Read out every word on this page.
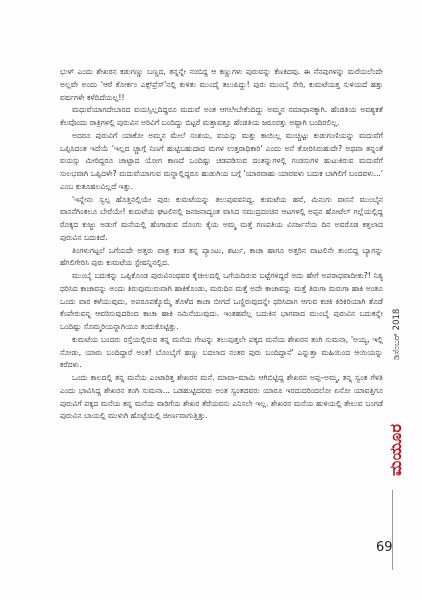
ಭುಳ್ ಎಂದು ಶೇಖರನ ಕಡುಗಣ್ಣು ಬಣ್ಣದ, ತನ್ನನ್ನೇ ನಂಬಿದ್ದ ಆ ಕಣ್ಣುಗಳು ಪುರುವನ್ನು ಕೆಣಕಿದವು. ಈ ನೆನಪುಗಳನ್ನು ಮರೆಯಲೆಂದೇ ಅಲ್ಲವೇ ಅಂದು 'ಆರೆ ಕೋರ್ಕಂ ಎಕ್ಸ್‌ಪ್ರೆಸ್'ನಲ್ಲಿ ಕುಳಿತು ಮುಂದೈ ತಲುಪಿದ್ದು! ಪುರು ಮುಂಬೈ ಸೇರಿ, ಕುಮಟೆಯತ್ತ ಸುಳಿಯದೆ ಹತ್ತು ವರ್ಷಗಳೇ ಕಳೆದಿದೆಯಲ್ಲ!!

ಮಧುವೆಯಾಗದೇಬಾರದ ವಯಸ್ಸಿಲ್ಲದಿದ್ದರೂ ಮದುವೆ ಅಂತ ಆಗಲೇಬೇಕೆಂದಿದ್ದು ಅಮ್ಮನ ಸಮಾಧಾನಕ್ಕಾಗಿ. ಹೆಂಡತಿಯ ಅವಶ್ಯಕತೆ ಕೆಲವೊಂದು ರಾತ್ರಿಗಳಲ್ಲಿ ಪುರುವಿನ ಅರಿವಿಗೆ ಬಂದಿದ್ದು ಬಿಟ್ಟರೆ ಮತ್ತಾವತ್ತೂ ಹೆಂಡತಿಯ ಜರೂರತ್ತು ಅಷ್ಟಾಗಿ ಬಂದಿರಲಿಲ್ಲ.

ಅದರೂ ಪುರುವಿಗೆ ಯಾಕೋ ಅಮ್ಮನ ಮೇಲೆ ಸಂಶಯ, ವಯಸ್ಸು ಮತ್ತು ಕಾಯಿಲ್ಲ ಮುಚ್ಚಿಟ್ಟು ಕುಡುಗುಣಿಯನ್ನು ಮದುವೆಗೆ ಒಪ್ಪಿಸಿದಂತ ಇದೆಯೆ 'ಇಲ್ಲದ ಚ್ಚಾಗ್ಗೆ ನಿಣಗೆ ಹುಟ್ಟಿಬಹುದಾದ ಮಗಳ ಉತ್ತರಾಧಿಕಾರಿ' ಎಂದು ಅನೆ ತೋರಿಸಿರುಹುದೇ? ಅಥವಾ ತನ್ನಂತೆ ವಯಸ್ಸು ಮೀರಿದ್ದರೂ ಚಾಟ್ಟಾದ ಯೋಗ ಕಾಣದೆ ಒಂದಿಷ್ಟು ಚಡಪಡಿಸುವ ದಂತನ್ನುಗಳಲ್ಲಿ ಗಂಡಸುಗಳ ಹುಟುಕಿರುವ ಮದುವೆಗೆ ಸುಲಭವಾಗಿ ಒಪ್ಪಿದಳೇ? ಮದುವೆಯಾಗುವ ಮನ್ನಾಲ್ಲಿದ್ದರೂ ಹುಡುಗಿಯ ಬಗ್ಗೆ 'ಯಾರವಾಹು ಯಾರವಳು ಬದುಕ ಬಾಗಿಲಿಗೆ ಬಂದವಳು...' ಎಂಬ ಕುತೂಹಲವಿಲ್ಲದೆ ಇತ್ತು.

'ಇನ್ನೇನು ಸ್ವಲ್ಪ ಹೊತ್ತಿನಲ್ಲಿಯೇ ಪುರು ಕುಮಟೆಯನ್ನು ತಲುಪುವವನಿದ್ದ. ಕುಮಟೆಯ ಹವೆ, ಮಿನುಗು ವಾಸನೆ ಮುಂಬೈನ ವಾಸನೆಗಿಂತಲೂ ಬೇರೆಯೇ! ಕುಮಟೆಯ ಘಟಲಿನಲ್ಲಿ ಜನಜನಾದ್ಯಂತ ವಾಸಿದ ಸಮುದ್ರದಂಚಿನ ಆಟಗಳಲ್ಲಿ ಅಪ್ಪನ ಹೋಟೆಲ್ ಗಲ್ಲೆಯಲ್ಲಿದ್ದ ರೊಕ್ಕದ ಕುಜ್ಜು ಅಡುಗೆ ಮನೆಯಲ್ಲಿ ಹೆಂಗಾಡುವ ದೊಂಗು ಕೈಯ ಅಮ್ಮ ಮತ್ತೆ ಗಣಪತಿಯ ವಿಸರ್ಜನೆಯ ದಿನ ಅವರೊಡ ಕತ್ತಲಾದ ಪುರುವಿನ ಬದುಕಿದೆ.

ತಿಂಗಳುಗಟ್ಟಲೆ ಒಗೆಯದೇ ಅತ್ತರು ವಾತ್ರ ಕಂಡ ತನ್ನ ಪ್ಯಾಂಟು, ಶರ್ಟು, ಕಾಚಾ ಹಾಗೂ ಅತ್ತರಿನ ವಾಟಲಿನೇ ತುಂಬಿದ್ದ ಬ್ಯಾಗನ್ನು ಹೆಗಲಿಗೇರಿಸಿ ಪುರು ಕುಮಟೆಯ ಸ್ಟೇಷನ್ನಿನಲ್ಲಿದ.

ಮುಂಬೈ ಬದುಕನ್ನು ಒಪ್ಪಿಕೊಂಡ ಪುರುವಿನಂಥವರ ಕೈಚೀಲದಲ್ಲಿ ಒಗೆಯದಿರುವ ಬಟ್ಟೆಗಳಿದ್ದರೆ ಅದು ಹೇಗೆ ಅಪರಾಧವಾದೀತು?! ನಿತ್ಯ ಧರಿಸಿದ ಕಾಚಾವನ್ನು ಅಂದು ತಿರುವುಮುರುವಾಗಿ ಹಾಕಿಕೊಂಡು, ಮರುದಿನ ಮತ್ತೆ ಅದೇ ಕಾಚಾವನ್ನು ಮತ್ತೆ ತಿರುಗಾ ಮರುಗಾ ಹಾಕಿ ಅಂತೂ ಒಂದು ವಾರ ಕಳೆಯುವುದು, ಅಪರೂಪಕ್ಕೊಮ್ಮೆ ತೊಳೆದ ಕಾಚಾ ಬೀಗದೆ ಒಣ್ಣಿರುವುದನ್ನೇ ಧರಿಸಿದಾಗ ಆಗುವ ಕಚಕಿ ಕಿರಿಕಿರಿಯಾಗಿ ತೊಡೆ ಕೆಂಪೇರುವನ್ನ ಆವರಿಸುವುದರಿಂದ ಕಾಚಾ ಹಾಕಿ ಸಮಿನೆಯುವುದು. ಇಂತಹವೆಲ್ಲ ಬದುಕಿನ ಭಾಗವಾದ ಮುಂಬೈ ಪುರುವಿನ ಬದುಕನ್ನೇ ಒಂದಿಷ್ಟು ಸೊಮ್ಮರಿಯನ್ನಾಗಿಯೂ ತಂದುಕೊಟ್ಟಿತ್ತು.

ಕುಮಟೆಯ ಬಂದರು ರಸ್ತೆಯಲ್ಲಿರುವ ತನ್ನ ಮನೆಯ ಗೇಟನ್ನು ತಲುಪುತ್ತಲೇ ಪಕ್ಕದ ಮನೆಯ ಶೇಖರನ ತಂಗಿ ಸುಮನಾ, 'ಅಯ್ಯ, ಇಲ್ಲಿ ನೋಡು, ಯಾರು ಬಂದಿದ್ದಾರೆ ಅಂತ! ಬೊಂಬೈಗೆ ಹಣ್ಣು ಬದಲಾದ ನಂತರ ಪುರು ಬಂದಿದ್ದಾನೆ' ಎನ್ನುತ್ತಾ ಮಹಿಯಿಂದ ಆಯಿಯನ್ನು ಕರೆದಳು.

ಒಂದು ಕಾಲದಲ್ಲಿ ತನ್ನ ಮನೆಯ ಎಂಟಾರಿತ್ತ ಶೇಖರನ ಮನೆ. ಮಾವಾ–ಮಾಮಿ ಆಗಿಬಿಟ್ಟಿದ್ದ ಶೇಖರನ ಅಪ್ಪ–ಅಮ್ಮ, ತನ್ನ ಸ್ವಂತ ಗೆಳತಿ ಎಂದು ಭಾವಿಸಿದ್ದ ಶೇಖರನ ತಂಗಿ ಸುಮನಾ... ಒಡಹುಟ್ಟಿದವರು ಅಂತ ಸ್ವಂತದವರು ಯಾರೂ ಇರದುದರಿಂದಲೋ ಏನೋ ಯಾವತ್ತಿಗೂ ಪುರುವಿಗೆ ಪಕ್ಕದ ಮನೆಯ ತನ್ನ ಮನೆಯ ವಾರಿಗೆಯ ಶೇಖರ ತೆರೆಯವನು ಎನಿಸಲೇ ಇಲ್ಲ. ಶೇಖರನ ಮನೆಯ ಹುಳಿಯಲ್ಲಿ ತೇಲುವ ಬಂಗಡೆ ಪುರುವಿನ ಬಾಯಲ್ಲಿ ಮುಳುಗಿ ಹೊಟ್ಟೆಯಲ್ಲಿ ಜೀರ್ಣವಾಗುತ್ತಿತ್ತು.

ಡಿಸೆಂಬರ್ 2018
ಮಯೂರ
69
